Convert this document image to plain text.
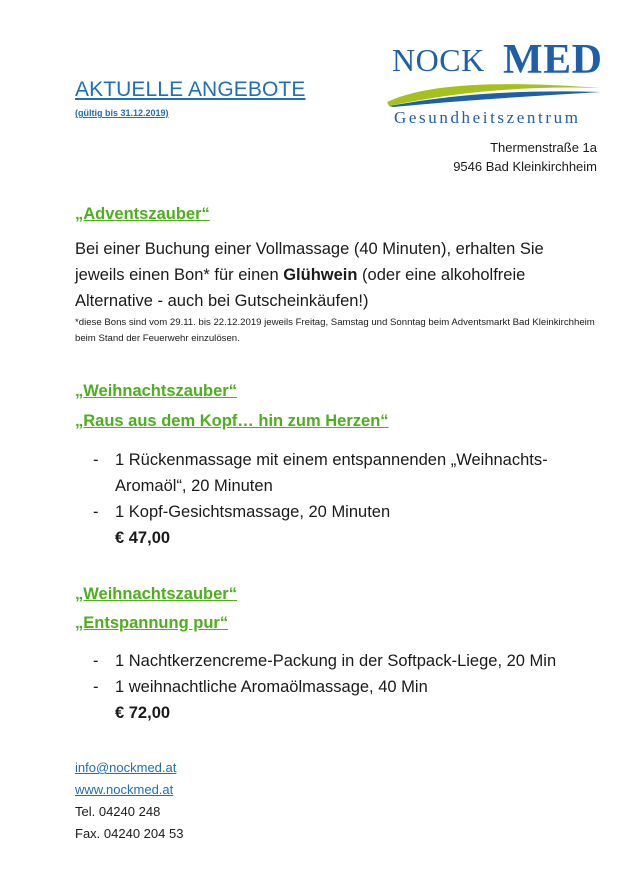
AKTUELLE ANGEBOTE
(gültig bis 31.12.2019)
NOCK MED
Gesundheitszentrum
Thermenstraße 1a
9546 Bad Kleinkirchheim
„Adventszauber“
Bei einer Buchung einer Vollmassage (40 Minuten), erhalten Sie jeweils einen Bon* für einen Glühwein (oder eine alkoholfreie Alternative - auch bei Gutscheinkäufen!)
*diese Bons sind vom 29.11. bis 22.12.2019 jeweils Freitag, Samstag und Sonntag beim Adventsmarkt Bad Kleinkirchheim beim Stand der Feuerwehr einzulösen.
„Weihnachtszauber“
„Raus aus dem Kopf… hin zum Herzen“
- 1 Rückenmassage mit einem entspannenden „Weihnachts-Aromaöl“, 20 Minuten
- 1 Kopf-Gesichtsmassage, 20 Minuten
€ 47,00
„Weihnachtszauber“
„Entspannung pur“
- 1 Nachtkerzencreme-Packung in der Softpack-Liege, 20 Min
- 1 weihnachtliche Aromaölmassage, 40 Min
€ 72,00
info@nockmed.at
www.nockmed.at
Tel. 04240 248
Fax. 04240 204 53
